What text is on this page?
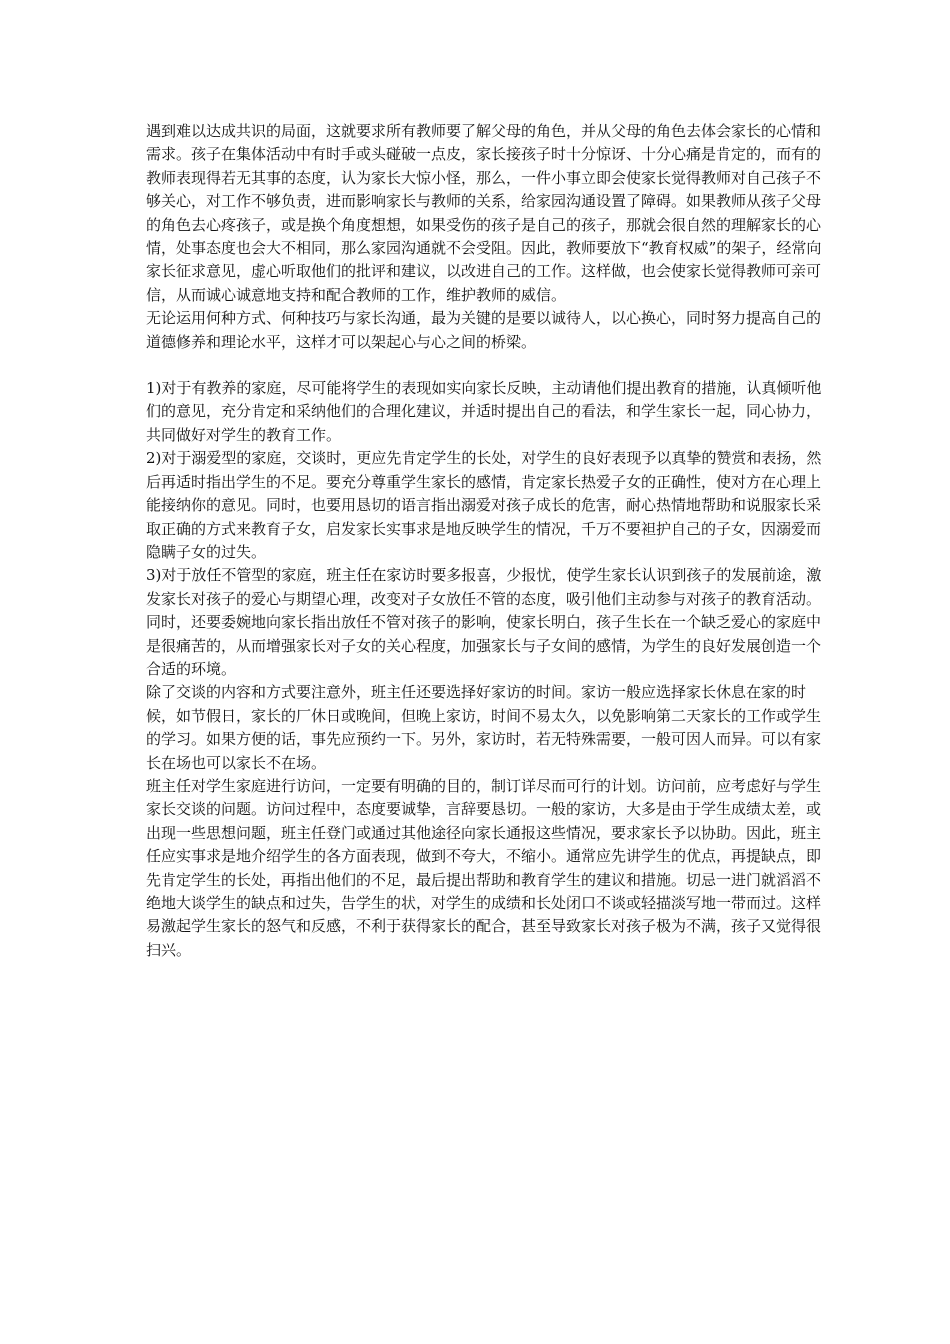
遇到难以达成共识的局面，这就要求所有教师要了解父母的角色，并从父母的角色去体会家长的心情和需求。孩子在集体活动中有时手或头碰破一点皮，家长接孩子时十分惊讶、十分心痛是肯定的，而有的教师表现得若无其事的态度，认为家长大惊小怪，那么，一件小事立即会使家长觉得教师对自己孩子不够关心，对工作不够负责，进而影响家长与教师的关系，给家园沟通设置了障碍。如果教师从孩子父母的角色去心疼孩子，或是换个角度想想，如果受伤的孩子是自己的孩子，那就会很自然的理解家长的心情，处事态度也会大不相同，那么家园沟通就不会受阻。因此，教师要放下“教育权威”的架子，经常向家长征求意见，虚心听取他们的批评和建议，以改进自己的工作。这样做，也会使家长觉得教师可亲可信，从而诚心诚意地支持和配合教师的工作，维护教师的威信。

无论运用何种方式、何种技巧与家长沟通，最为关键的是要以诚待人，以心换心，同时努力提高自己的道德修养和理论水平，这样才可以架起心与心之间的桥梁。

1)对于有教养的家庭，尽可能将学生的表现如实向家长反映，主动请他们提出教育的措施，认真倾听他们的意见，充分肯定和采纳他们的合理化建议，并适时提出自己的看法，和学生家长一起，同心协力，共同做好对学生的教育工作。

2)对于溺爱型的家庭，交谈时，更应先肯定学生的长处，对学生的良好表现予以真挚的赞赏和表扬，然后再适时指出学生的不足。要充分尊重学生家长的感情，肯定家长热爱子女的正确性，使对方在心理上能接纳你的意见。同时，也要用恳切的语言指出溺爱对孩子成长的危害，耐心热情地帮助和说服家长采取正确的方式来教育子女，启发家长实事求是地反映学生的情况，千万不要袒护自己的子女，因溺爱而隐瞒子女的过失。

3)对于放任不管型的家庭，班主任在家访时要多报喜，少报忧，使学生家长认识到孩子的发展前途，激发家长对孩子的爱心与期望心理，改变对子女放任不管的态度，吸引他们主动参与对孩子的教育活动。同时，还要委婉地向家长指出放任不管对孩子的影响，使家长明白，孩子生长在一个缺乏爱心的家庭中是很痛苦的，从而增强家长对子女的关心程度，加强家长与子女间的感情，为学生的良好发展创造一个合适的环境。

除了交谈的内容和方式要注意外，班主任还要选择好家访的时间。家访一般应选择家长休息在家的时候，如节假日，家长的厂休日或晚间，但晚上家访，时间不易太久，以免影响第二天家长的工作或学生的学习。如果方便的话，事先应预约一下。另外，家访时，若无特殊需要，一般可因人而异。可以有家长在场也可以家长不在场。

班主任对学生家庭进行访问，一定要有明确的目的，制订详尽而可行的计划。访问前，应考虑好与学生家长交谈的问题。访问过程中，态度要诚挚，言辞要恳切。一般的家访，大多是由于学生成绩太差，或出现一些思想问题，班主任登门或通过其他途径向家长通报这些情况，要求家长予以协助。因此，班主任应实事求是地介绍学生的各方面表现，做到不夸大，不缩小。通常应先讲学生的优点，再提缺点，即先肯定学生的长处，再指出他们的不足，最后提出帮助和教育学生的建议和措施。切忌一进门就滔滔不绝地大谈学生的缺点和过失，告学生的状，对学生的成绩和长处闭口不谈或轻描淡写地一带而过。这样易激起学生家长的怒气和反感，不利于获得家长的配合，甚至导致家长对孩子极为不满，孩子又觉得很扫兴。
